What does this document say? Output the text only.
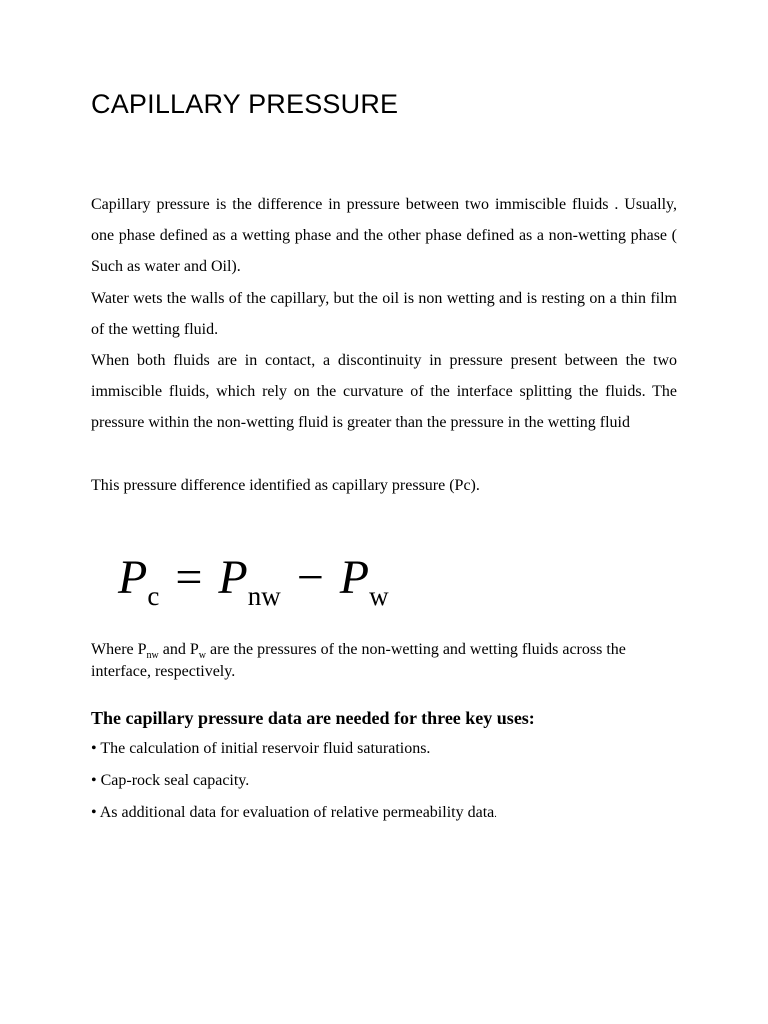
CAPILLARY PRESSURE

Capillary pressure is the difference in pressure between two immiscible fluids . Usually, one phase defined as a wetting phase and the other phase defined as a non-wetting phase ( Such as water and Oil).

Water wets the walls of the capillary, but the oil is non wetting and is resting on a thin film of the wetting fluid.

When both fluids are in contact, a discontinuity in pressure present between the two immiscible fluids, which rely on the curvature of the interface splitting the fluids. The pressure within the non-wetting fluid is greater than the pressure in the wetting fluid

This pressure difference identified as capillary pressure (Pc).

$P_c = P_{nw} - P_w$

Where $P_{nw}$ and $P_w$ are the pressures of the non-wetting and wetting fluids across the interface, respectively.

The capillary pressure data are needed for three key uses:

• The calculation of initial reservoir fluid saturations.

• Cap-rock seal capacity.

• As additional data for evaluation of relative permeability data.
